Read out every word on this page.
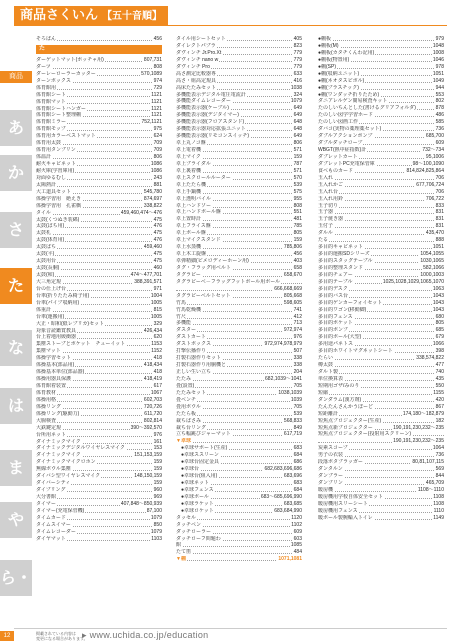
商品さくいん 【五十音順】
あ
か
さ
た
な
は
ま
や
ら・わ
商品
そろばん	456
た
ダーゲットマット(ポッチャ用)	807,731
ダーツ	808
ダーレーローラーカッター	570,1089
ターンボックス	974
体育館用	729
体育館シート	1121
体育館マット	1121
体育館シートハンガー	1121
体育館シート整理棚	1121
体育館ミラー	752,1121
体育館モップ	975
体育用カラーベストマット	624
体育用太鼓	709
体育用タンブリン	709
体温計	806
耐火キャビネット	1086
耐火庫(学習庫用)	1086
対面ゆるむし	243
太陽熱計	881
大工道具セット	545,780
体操学習用　絶えき	874,697
体操学習用　孔雀橋	338,822
タイル	459,460,474～476
太鼓(くつぬき装綿)	475
太鼓(ばち用)	476
太鼓札	475
太鼓(体育用)	476
太鼓ばち	459,460
太鼓(平)	475
太鼓用台	475
太鼓(長胴)	460
太鼓(和)	474～477,701
大三角定規	388,391,571
台の仕上げ台	971
台車(折りたたみ椅子用)	1004
台車(パイプ収納用)	1005
体重計	815
台車(運搬用)	1005
大正・昭和(紙レプリカ)セット	329
対象音読鑑賞教具	426,434
台上着地用緩衝器	620
集塵ストーブとポケット　チューイット	1153
集塵マット	1152
体操学習セット	418
体操基本(部品用)	418,434
体操基本単位(部品器)	418
体操用器具保護	418,419
体育館着装置	617
体育教材	1067
体操用格	602,703
体操リング	720,726
体操リング(駆動力)	611,720
大腸検査	802,814
大鉄鍵定規	390～392,570
台所用ネット	976
ダイナミックマイク	161
ダイナミックデジタルワイヤレスマイク	153
ダイナミックマイク	151,153,159
ダイナミックマイクロホン	159
無線ボウル集塵	159
ダイバシ型ワイヤレスマイク	148,150,159
ダイバーシティ	159
ダイプリング	960
大分書館	969
タイマー	407,848～850,939
タイマー(充電保管機)	87,100
タイムカード	1079
タイムスイマー	850
タイムレコーダー	1079
ダイヤマット	1103
タイル用シートセット	405
ダイレクトパブラ	823
ダヴィンチ Jr.Pro.Xt	779
ダヴィンチ nano w	779
ダヴィンチ Pro	779
高さ測定比較器専	633
高さ・組高定規具	416
高床たたみセット	1038
多機能表示デジタル電圧電流計	324
多機能ダイムレコーダー	1079
多機能表示器(ケーブル)	649
多機能表示器(デジタイマー)	649
多機能表示器(フロアスタンド)	648
多機能表示器対応拡張ユニット	648
多機能表示器(リモコンスイッチ)	649
卓上丸ノコ盤	806
卓上電着機	571
卓上マイク	159
卓上ブライダル	787
卓上裏着機	571
卓上スクロールルーター	570
卓上たたら機	539
卓上手鍋機	575
卓上透明バイル	955
卓上ハンドソー	808
卓上ハンドボール盤	551
卓上置時計	481
卓上フライス盤	785
卓上ボール盤	805
卓上マイクスタンド	159
卓上水蒸機	785,806
卓上木工旋盤	456
卓弾精細(ピメロディーホーン用)	403
タグ・フラッグ用ベルト	658
タグラビー	658,670
タグラビーベ－フラッグフットボール用ボール
666,668,669
タグラビーベルトセット	805,668
竹馬	598,605
竹馬乾燥機	741
竹尺	412
多機能	713
ダスター	972,974
ダストカート	976
ダストボックス	972,974,978,979
打撃伝播作り	507
打製石器作りセット	338
打製石器作り用胴機と	338
正しい生い立ち	204
たたみ	682,1039～1041
畳(設置)	705
たたみセット	1038,1039
畳ベンチ	1039
畳用ボウル	705
たたら板	539
裁ちばさみ	568,833
裁ち台リング	849
立ち幅跳びジャーマット	617,719
▼卓球
　●卓球サポート(生産)	683
　●卓球ススリーン	684
　●卓球台固定金具	686
　●卓球台	682,683,696,686
　●卓球台(組入用)	683,696
　●卓球ネット	683
　●卓球フェンス	684
　●卓球ボール	683～685,696,990
　●卓球ラケット	683,685
　●卓球ロケット	683,684,990
タッセル	1120
タッチペン	1102
ダッチローラー	609
ダッチローフ問題わ	603
館	1085
たて笛	484
▼棚	1071,1081
●棚板	979
●棚板(M)	1048
●棚板(カタチくんわ記用)	1008
●棚板(物置用)	1046
●棚(SP)	978
●棚(収納ユニット)	1051
●棚(ネオタスビボル)	1049
●棚(プラスチック)	944
●棚(ワンダッチ折りたため)	553
ダニアレルゲン簡易検査キット	802
たのしいちんとした(書けるグリアフォルダ)	878
たのしい図学学習ホード	486
たのしい図画工作	585
ダバコ(実物の薬理薬セット)	736
ダブルアクションポンプ	685,700
ダブルダッチロープ	609
WBGT(熱中症指数)計	732～734
ダブレットカート	95,1006
ダブレットPC充電保管庫	98～100,1090
食べものカード	814,824,825,864
玉入れ	706
玉入れかご	677,706,724
玉入れ台	706
玉入れ用鈴	706,722
玉子切り	833
玉子器	831
玉子焼き器	831
玉付子	831
ダルル	435,470
たる	888
多目的キャビネット	1051
多目的運搬SDシリーズ	1054,1055
多目的スタッグテーブル	1030,1065
多目的整理スタンド	582,1066
多目的チェアー	1000,1003
多目的テーブル	1025,1028,1029,1065,1070
多目的デスク	1063
多目的バス台	1043
多目的ゲンカーフォイセット	1043
多目的ワゴン(移動脚)	1043
多目的フェンス	680
多目的ポケット	805
多目的ボンプ	685
多目的ボール(大型)	679
多用途パネトス	1066
多目的ホワイトマグネットシート	398
たらい	338,574,822
樽太鼓	477
ダルト製	740
単位換算表	435
短期用ゴザ/みのり	550
短縮	1155
ダンダラム(漢方剤)	420
たんたんさんかうぼーど	867
短距離計	174,180～182,879
短焦点プロジェクター(生産)	182
短焦点新プロジェクター	190,191,230,232～235
短焦点プロジェクター(投射用スクリーン)
190,191,230,232～235
炭素スコープ	1064
男子の衣装	736
段落ボタブラッガー	80,81,107,115
ダンタルン	569
ダンブラー	844
ダンプリン	465,709
暖房機	1108～1110
暖房機用学校自体安全セット	1108
暖房機用スリーシート	1108
暖房機用フェンス	1110
暖ボール製腕輪入トイレ	1149
12	掲載されている内容は
変更になる場合があります。
▸ www.uchida.co.jp/education
